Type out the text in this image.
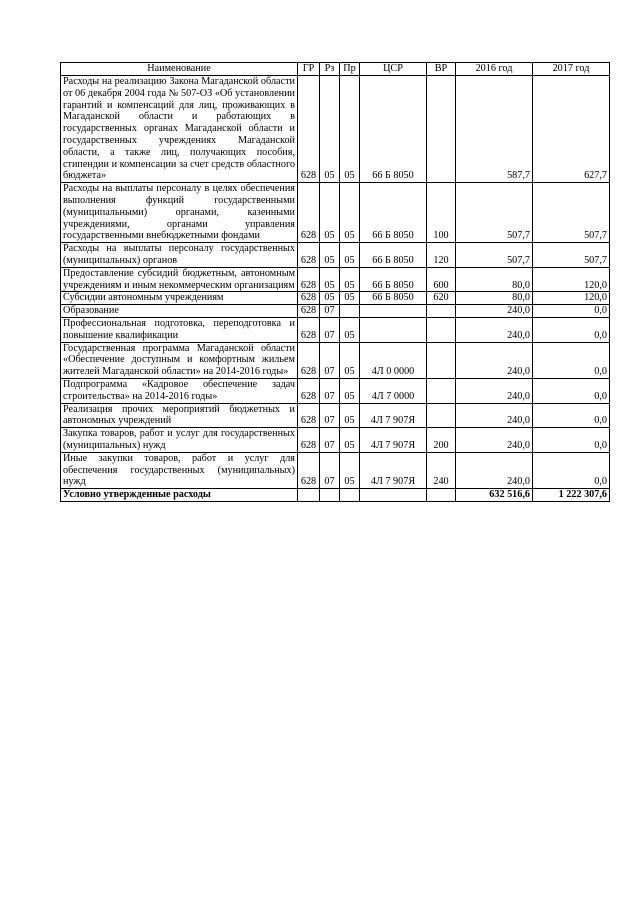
Наименование	ГР	Рз	Пр	ЦСР	ВР	2016 год	2017 год
Расходы на реализацию Закона Магаданской области от 06 декабря 2004 года № 507-ОЗ «Об установлении гарантий и компенсаций для лиц, проживающих в Магаданской области и работающих в государственных органах Магаданской области и государственных учреждениях Магаданской области, а также лиц, получающих пособия, стипендии и компенсации за счет средств областного бюджета»	628	05	05	66 Б 8050		587,7	627,7
Расходы на выплаты персоналу в целях обеспечения выполнения функций государственными (муниципальными) органами, казенными учреждениями, органами управления государственными внебюджетными фондами	628	05	05	66 Б 8050	100	507,7	507,7
Расходы на выплаты персоналу государственных (муниципальных) органов	628	05	05	66 Б 8050	120	507,7	507,7
Предоставление субсидий бюджетным, автономным учреждениям и иным некоммерческим организациям	628	05	05	66 Б 8050	600	80,0	120,0
Субсидии автономным учреждениям	628	05	05	66 Б 8050	620	80,0	120,0
Образование	628	07				240,0	0,0
Профессиональная подготовка, переподготовка и повышение квалификации	628	07	05			240,0	0,0
Государственная программа Магаданской области «Обеспечение доступным и комфортным жильем жителей Магаданской области» на 2014-2016 годы»	628	07	05	4Л 0 0000		240,0	0,0
Подпрограмма «Кадровое обеспечение задач строительства» на 2014-2016 годы»	628	07	05	4Л 7 0000		240,0	0,0
Реализация прочих мероприятий бюджетных и автономных учреждений	628	07	05	4Л 7 907Я		240,0	0,0
Закупка товаров, работ и услуг для государственных (муниципальных) нужд	628	07	05	4Л 7 907Я	200	240,0	0,0
Иные закупки товаров, работ и услуг для обеспечения государственных (муниципальных) нужд	628	07	05	4Л 7 907Я	240	240,0	0,0
Условно утвержденные расходы						632 516,6	1 222 307,6
